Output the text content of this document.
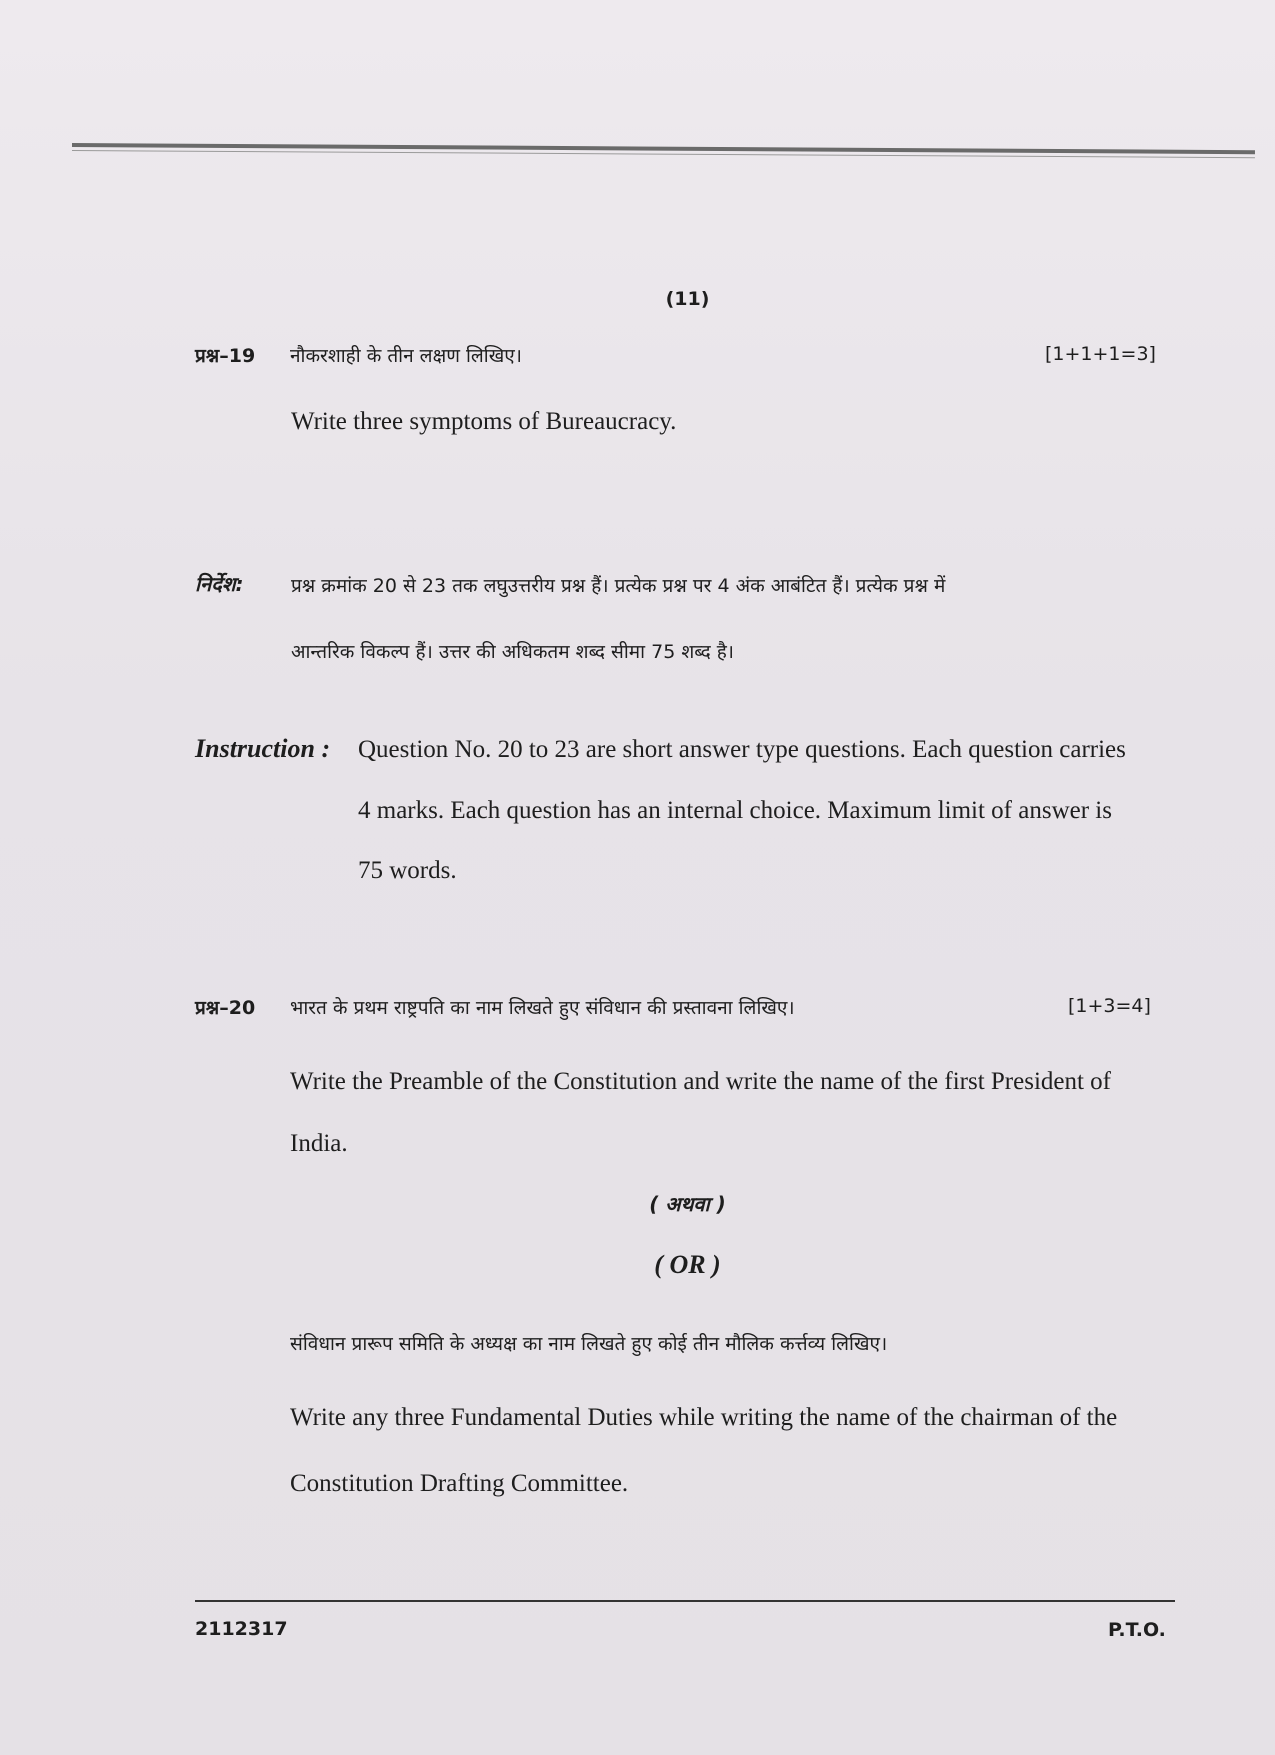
(11)
प्रश्न–19 नौकरशाही के तीन लक्षण लिखिए।	[1+1+1=3]
Write three symptoms of Bureaucracy.
निर्देश:	प्रश्न क्रमांक 20 से 23 तक लघुउत्तरीय प्रश्न हैं। प्रत्येक प्रश्न पर 4 अंक आबंटित हैं। प्रत्येक प्रश्न में
आन्तरिक विकल्प हैं। उत्तर की अधिकतम शब्द सीमा 75 शब्द है।
Instruction : Question No. 20 to 23 are short answer type questions. Each question carries
4 marks. Each question has an internal choice. Maximum limit of answer is
75 words.
प्रश्न–20 भारत के प्रथम राष्ट्रपति का नाम लिखते हुए संविधान की प्रस्तावना लिखिए।	[1+3=4]
Write the Preamble of the Constitution and write the name of the first President of
India.
( अथवा )
( OR )
संविधान प्रारूप समिति के अध्यक्ष का नाम लिखते हुए कोई तीन मौलिक कर्त्तव्य लिखिए।
Write any three Fundamental Duties while writing the name of the chairman of the
Constitution Drafting Committee.
2112317	P.T.O.
